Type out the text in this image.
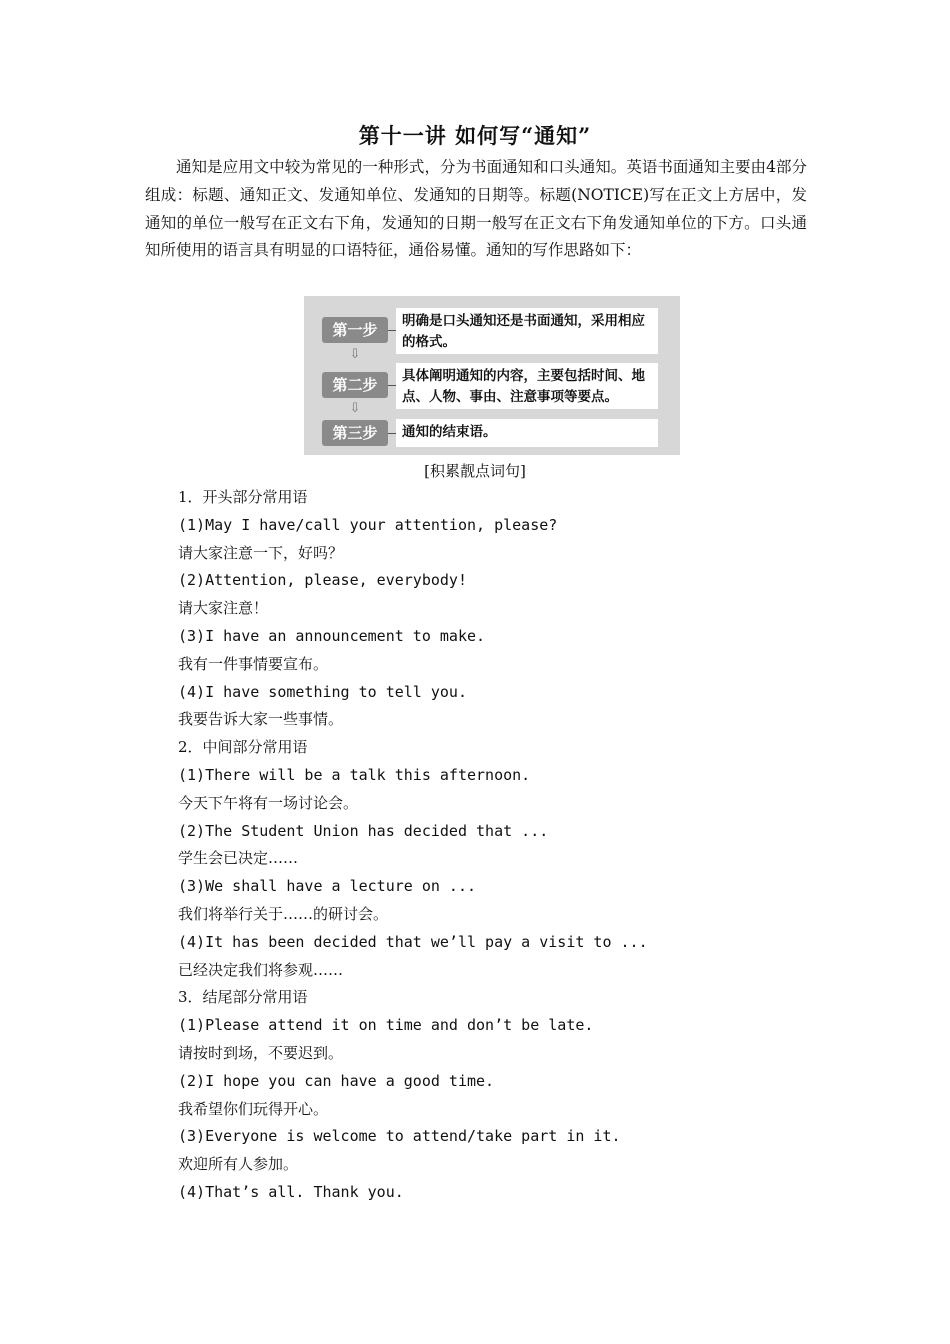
第十一讲 如何写“通知”

通知是应用文中较为常见的一种形式，分为书面通知和口头通知。英语书面通知主要由4部分组成：标题、通知正文、发通知单位、发通知的日期等。标题(NOTICE)写在正文上方居中，发通知的单位一般写在正文右下角，发通知的日期一般写在正文右下角发通知单位的下方。口头通知所使用的语言具有明显的口语特征，通俗易懂。通知的写作思路如下：

第一步	明确是口头通知还是书面通知，采用相应的格式。
⇩
第二步	具体阐明通知的内容，主要包括时间、地点、人物、事由、注意事项等要点。
⇩
第三步	通知的结束语。
[积累靓点词句]
1．开头部分常用语
(1)May I have/call your attention, please?
请大家注意一下，好吗？
(2)Attention, please, everybody!
请大家注意！
(3)I have an announcement to make.
我有一件事情要宣布。
(4)I have something to tell you.
我要告诉大家一些事情。
2．中间部分常用语
(1)There will be a talk this afternoon.
今天下午将有一场讨论会。
(2)The Student Union has decided that ...
学生会已决定……
(3)We shall have a lecture on ...
我们将举行关于……的研讨会。
(4)It has been decided that we’ll pay a visit to ...
已经决定我们将参观……
3．结尾部分常用语
(1)Please attend it on time and don’t be late.
请按时到场，不要迟到。
(2)I hope you can have a good time.
我希望你们玩得开心。
(3)Everyone is welcome to attend/take part in it.
欢迎所有人参加。
(4)That’s all. Thank you.
